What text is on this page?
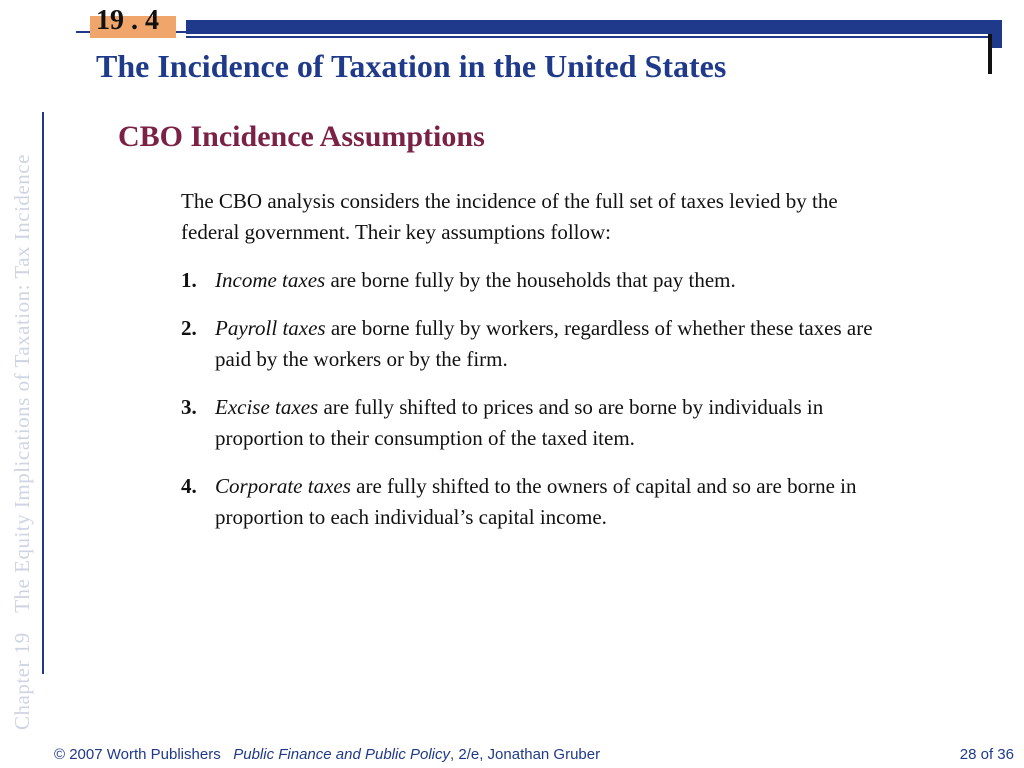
Chapter 19  The Equity Implications of Taxation: Tax Incidence
19 . 4
The Incidence of Taxation in the United States
CBO Incidence Assumptions

The CBO analysis considers the incidence of the full set of taxes levied by the federal government. Their key assumptions follow:

1. Income taxes are borne fully by the households that pay them.
2. Payroll taxes are borne fully by workers, regardless of whether these taxes are paid by the workers or by the firm.
3. Excise taxes are fully shifted to prices and so are borne by individuals in proportion to their consumption of the taxed item.
4. Corporate taxes are fully shifted to the owners of capital and so are borne in proportion to each individual’s capital income.
© 2007 Worth Publishers Public Finance and Public Policy, 2/e, Jonathan Gruber	28 of 36
